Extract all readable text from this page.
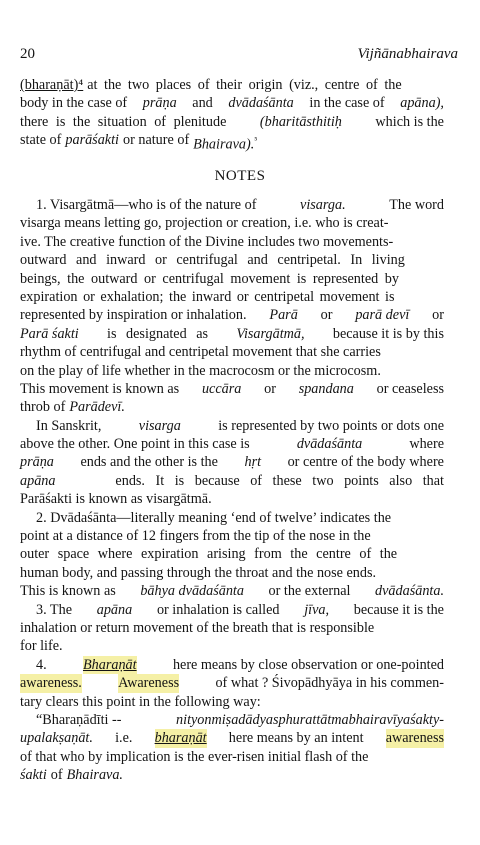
20	Vijñānabhairava
(bharaṇāt)⁴ at the two places of their origin (viz., centre of the
body in the case of prāṇa and dvādaśānta in the case of apāna),
there is the situation of plenitude (bharitāsthitiḥ which is the
state of parāśakti or nature of Bhairava).$^{^5}$
NOTES
1. Visargātmā—who is of the nature of	visarga.	The word
visarga means letting go, projection or creation, i.e. who is creat-
ive. The creative function of the Divine includes two movements-
outward and inward or centrifugal and centripetal. In living
beings, the outward or centrifugal movement is represented by
expiration or exhalation; the inward or centripetal movement is
represented by inspiration or inhalation. Parā or parā devī or
Parā śakti is designated as Visargātmā, because it is by this
rhythm of centrifugal and centripetal movement that she carries
on the play of life whether in the macrocosm or the microcosm.
This movement is known as uccāra or spandana or ceaseless
throb of Parādevī.
In Sanskrit,	visarga	is represented by two points or dots one
above the other. One point in this case is	dvādaśānta	where
prāṇa ends and the other is the hṛt or centre of the body where
apāna	ends. It is because of these two points also that
Parāśakti is known as visargātmā.
2. Dvādaśānta—literally meaning ‘end of twelve’ indicates the
point at a distance of 12 fingers from the tip of the nose in the
outer space where expiration arising from the centre of the
human body, and passing through the throat and the nose ends.
This is known as bāhya dvādaśānta or the external dvādaśānta.
3. The apāna or inhalation is called jīva, because it is the
inhalation or return movement of the breath that is responsible
for life.
4.	Bharaṇāt	here means by close observation or one-pointed
awareness.	Awareness	of what ? Śivopādhyāya in his commen-
tary clears this point in the following way:
“Bharaṇādīti --	nityonmiṣadādyasphurattātmabhairavīyaśakty-
upalakṣaṇāt. i.e. bharaṇāt here means by an intent awareness
of that who by implication is the ever-risen initial flash of the
śakti of Bhairava.
